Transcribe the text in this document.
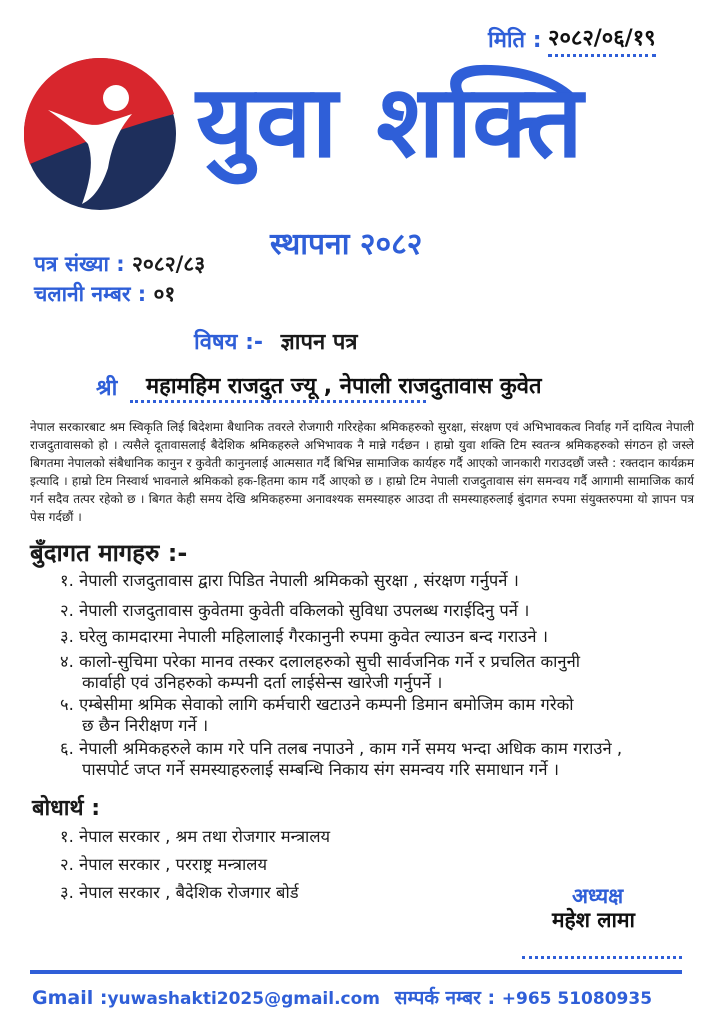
मिति : २०८२/०६/१९
युवा शक्ति
स्थापना २०८२
पत्र संख्या : २०८२/८३
चलानी नम्बर : ०१
विषय :- ज्ञापन पत्र
श्री महामहिम राजदुत ज्यू , नेपाली राजदुतावास कुवेत
नेपाल सरकारबाट श्रम स्विकृति लिई बिदेशमा बैधानिक तवरले रोजगारी गरिरहेका श्रमिकहरुको सुरक्षा, संरक्षण एवं अभिभावकत्व निर्वाह गर्ने दायित्व नेपाली राजदुतावासको हो । त्यसैले दूतावासलाई बैदेशिक श्रमिकहरुले अभिभावक नै मान्ने गर्दछन । हाम्रो युवा शक्ति टिम स्वतन्त्र श्रमिकहरुको संगठन हो जस्ले बिगतमा नेपालको संबैधानिक कानुन र कुवेती कानुनलाई आत्मसात गर्दै बिभिन्न सामाजिक कार्यहरु गर्दै आएको जानकारी गराउदछौं जस्तै : रक्तदान कार्यक्रम इत्यादि । हाम्रो टिम निस्वार्थ भावनाले श्रमिकको हक-हितमा काम गर्दै आएको छ । हाम्रो टिम नेपाली राजदुतावास संग समन्वय गर्दै आगामी सामाजिक कार्य गर्न सदैव तत्पर रहेको छ । बिगत केही समय देखि श्रमिकहरुमा अनावश्यक समस्याहरु आउदा ती समस्याहरुलाई बुंदागत रुपमा संयुक्तरुपमा यो ज्ञापन पत्र पेस गर्दछौं ।
बुँदागत मागहरु :-
१. नेपाली राजदुतावास द्वारा पिडित नेपाली श्रमिकको सुरक्षा , संरक्षण गर्नुपर्ने ।
२. नेपाली राजदुतावास कुवेतमा कुवेती वकिलको सुविधा उपलब्ध गराईदिनु पर्ने ।
३. घरेलु कामदारमा नेपाली महिलालाई गैरकानुनी रुपमा कुवेत ल्याउन बन्द गराउने ।
४. कालो-सुचिमा परेका मानव तस्कर दलालहरुको सुची सार्वजनिक गर्ने र प्रचलित कानुनी
कार्वाही एवं उनिहरुको कम्पनी दर्ता लाईसेन्स खारेजी गर्नुपर्ने ।
५. एम्बेसीमा श्रमिक सेवाको लागि कर्मचारी खटाउने कम्पनी डिमान बमोजिम काम गरेको
छ छैन निरीक्षण गर्ने ।
६. नेपाली श्रमिकहरुले काम गरे पनि तलब नपाउने , काम गर्ने समय भन्दा अधिक काम गराउने ,
पासपोर्ट जप्त गर्ने समस्याहरुलाई सम्बन्धि निकाय संग समन्वय गरि समाधान गर्ने ।
बोधार्थ :
१. नेपाल सरकार , श्रम तथा रोजगार मन्त्रालय
२. नेपाल सरकार , परराष्ट्र मन्त्रालय
३. नेपाल सरकार , बैदेशिक रोजगार बोर्ड	अध्यक्ष
महेश लामा
Gmail :yuwashakti2025@gmail.com सम्पर्क नम्बर : +965 51080935
